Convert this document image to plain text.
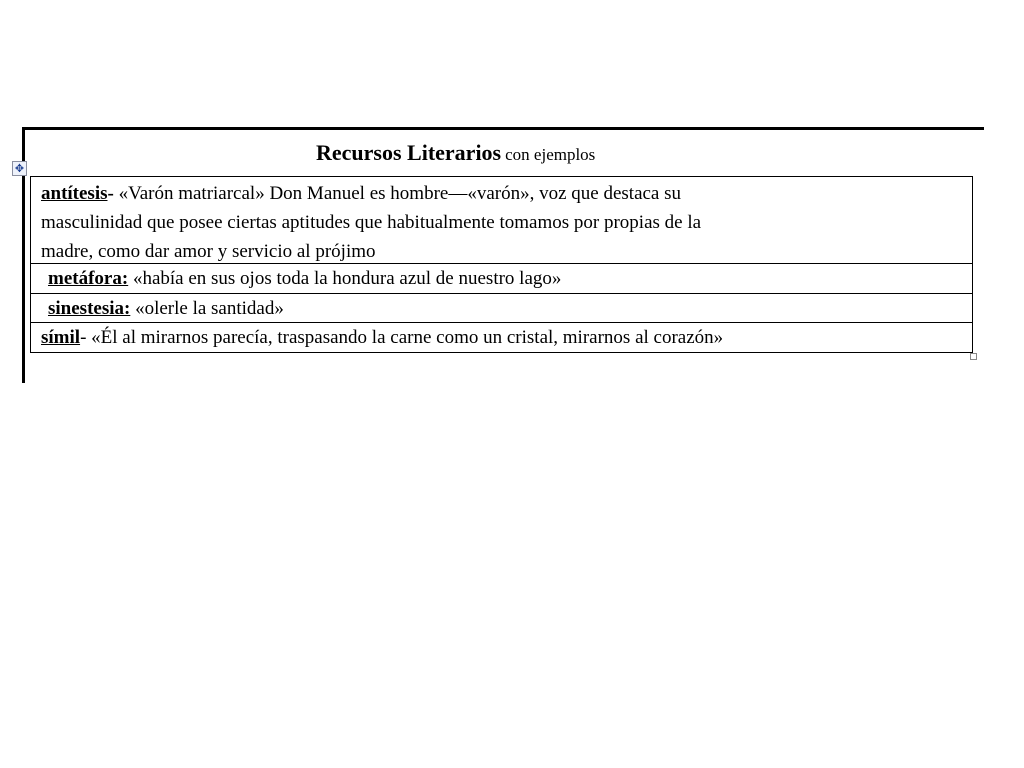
Recursos Literarios con ejemplos
✥
antítesis- «Varón matriarcal» Don Manuel es hombre—«varón», voz que destaca su
masculinidad que posee ciertas aptitudes que habitualmente tomamos por propias de la
madre, como dar amor y servicio al prójimo
metáfora: «había en sus ojos toda la hondura azul de nuestro lago»
sinestesia: «olerle la santidad»
símil- «Él al mirarnos parecía, traspasando la carne como un cristal, mirarnos al corazón»
